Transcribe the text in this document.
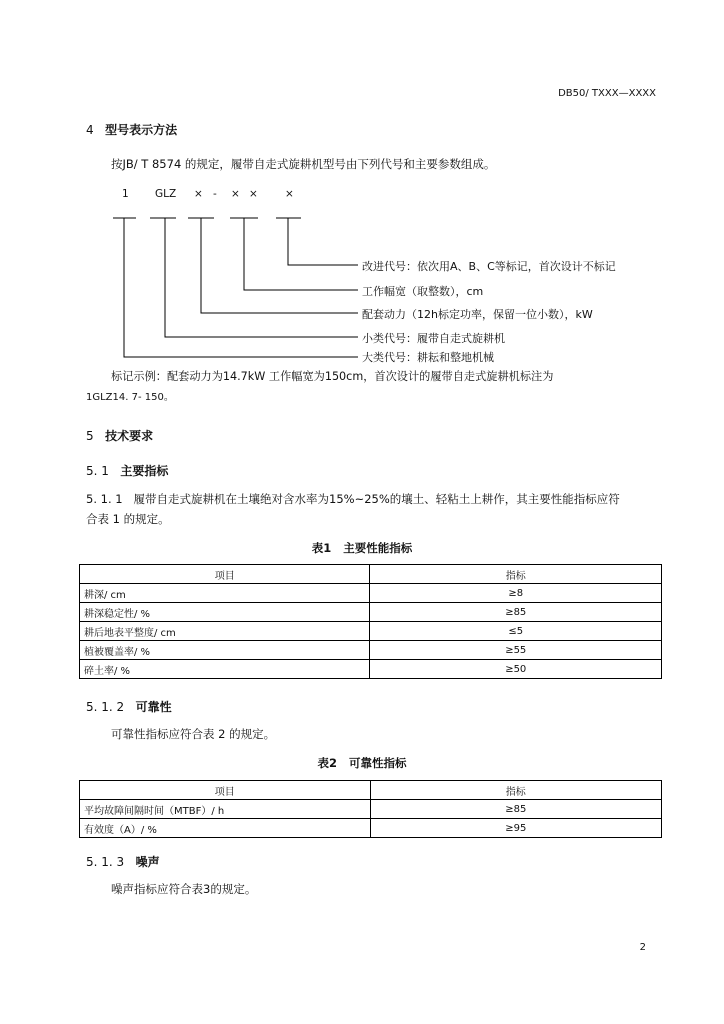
DB50/ TXXX—XXXX
4 型号表示方法
按JB/ T 8574 的规定，履带自走式旋耕机型号由下列代号和主要参数组成。
1	GLZ × - × ×	×
改进代号：依次用A、B、C等标记，首次设计不标记
工作幅宽（取整数），cm
配套动力（12h标定功率，保留一位小数），kW
小类代号：履带自走式旋耕机
大类代号：耕耘和整地机械
标记示例：配套动力为14.7kW 工作幅宽为150cm，首次设计的履带自走式旋耕机标注为
1GLZ14. 7- 150。
5 技术要求
5. 1 主要指标
5. 1. 1 履带自走式旋耕机在土壤绝对含水率为15%~25%的壤土、轻粘土上耕作，其主要性能指标应符
合表 1 的规定。
表1 主要性能指标
项目	指标
耕深/ cm	≥8
耕深稳定性/ %	≥85
耕后地表平整度/ cm	≤5
植被覆盖率/ %	≥55
碎土率/ %	≥50
5. 1. 2 可靠性
可靠性指标应符合表 2 的规定。
表2 可靠性指标
项目	指标
平均故障间隔时间（MTBF）/ h	≥85
有效度（A）/ %	≥95
5. 1. 3 噪声
噪声指标应符合表3的规定。
2
